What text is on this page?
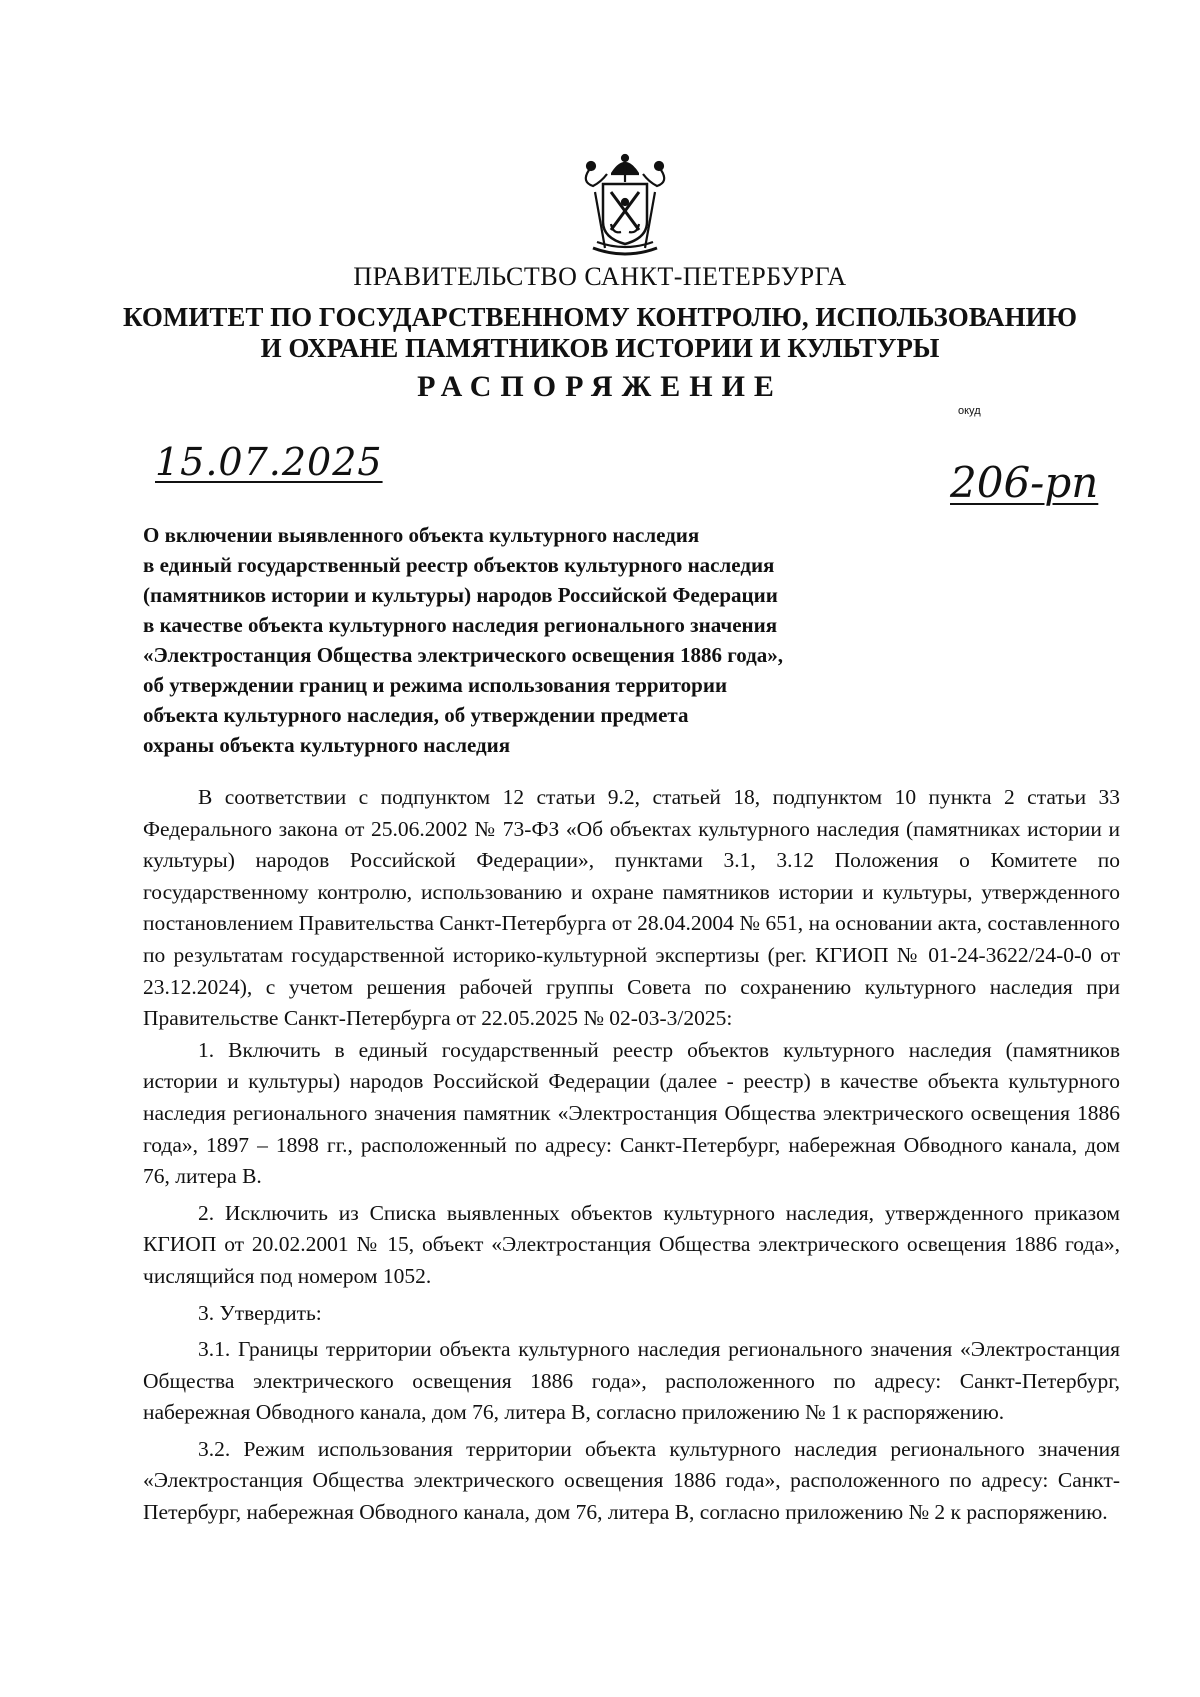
ПРАВИТЕЛЬСТВО САНКТ-ПЕТЕРБУРГА
КОМИТЕТ ПО ГОСУДАРСТВЕННОМУ КОНТРОЛЮ, ИСПОЛЬЗОВАНИЮ
И ОХРАНЕ ПАМЯТНИКОВ ИСТОРИИ И КУЛЬТУРЫ
РАСПОРЯЖЕНИЕ
окуд
15.07.2025	206-рп
О включении выявленного объекта культурного наследия
в единый государственный реестр объектов культурного наследия
(памятников истории и культуры) народов Российской Федерации
в качестве объекта культурного наследия регионального значения
«Электростанция Общества электрического освещения 1886 года»,
об утверждении границ и режима использования территории
объекта культурного наследия, об утверждении предмета
охраны объекта культурного наследия

В соответствии с подпунктом 12 статьи 9.2, статьей 18, подпунктом 10 пункта 2 статьи 33 Федерального закона от 25.06.2002 № 73-ФЗ «Об объектах культурного наследия (памятниках истории и культуры) народов Российской Федерации», пунктами 3.1, 3.12 Положения о Комитете по государственному контролю, использованию и охране памятников истории и культуры, утвержденного постановлением Правительства Санкт-Петербурга от 28.04.2004 № 651, на основании акта, составленного по результатам государственной историко-культурной экспертизы (рег. КГИОП № 01-24-3622/24-0-0 от 23.12.2024), с учетом решения рабочей группы Совета по сохранению культурного наследия при Правительстве Санкт-Петербурга от 22.05.2025 № 02-03-3/2025:

1. Включить в единый государственный реестр объектов культурного наследия (памятников истории и культуры) народов Российской Федерации (далее - реестр) в качестве объекта культурного наследия регионального значения памятник «Электростанция Общества электрического освещения 1886 года», 1897 – 1898 гг., расположенный по адресу: Санкт-Петербург, набережная Обводного канала, дом 76, литера В.

2. Исключить из Списка выявленных объектов культурного наследия, утвержденного приказом КГИОП от 20.02.2001 № 15, объект «Электростанция Общества электрического освещения 1886 года», числящийся под номером 1052.

3. Утвердить:

3.1. Границы территории объекта культурного наследия регионального значения «Электростанция Общества электрического освещения 1886 года», расположенного по адресу: Санкт-Петербург, набережная Обводного канала, дом 76, литера В, согласно приложению № 1 к распоряжению.

3.2. Режим использования территории объекта культурного наследия регионального значения «Электростанция Общества электрического освещения 1886 года», расположенного по адресу: Санкт-Петербург, набережная Обводного канала, дом 76, литера В, согласно приложению № 2 к распоряжению.
